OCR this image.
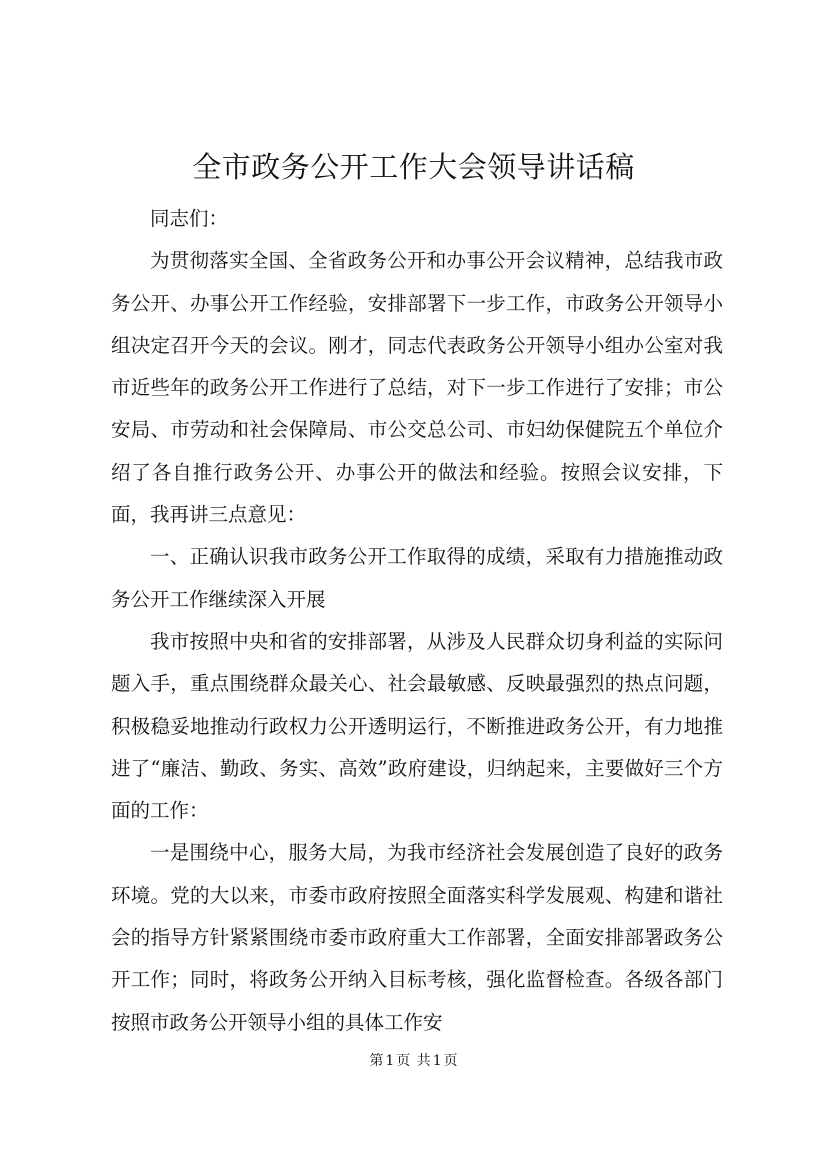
全市政务公开工作大会领导讲话稿

同志们：

为贯彻落实全国、全省政务公开和办事公开会议精神，总结我市政务公开、办事公开工作经验，安排部署下一步工作，市政务公开领导小组决定召开今天的会议。刚才，同志代表政务公开领导小组办公室对我市近些年的政务公开工作进行了总结，对下一步工作进行了安排；市公安局、市劳动和社会保障局、市公交总公司、市妇幼保健院五个单位介绍了各自推行政务公开、办事公开的做法和经验。按照会议安排，下面，我再讲三点意见：

一、正确认识我市政务公开工作取得的成绩，采取有力措施推动政务公开工作继续深入开展

我市按照中央和省的安排部署，从涉及人民群众切身利益的实际问题入手，重点围绕群众最关心、社会最敏感、反映最强烈的热点问题，积极稳妥地推动行政权力公开透明运行，不断推进政务公开，有力地推进了“廉洁、勤政、务实、高效”政府建设，归纳起来，主要做好三个方面的工作：

一是围绕中心，服务大局，为我市经济社会发展创造了良好的政务环境。党的大以来，市委市政府按照全面落实科学发展观、构建和谐社会的指导方针紧紧围绕市委市政府重大工作部署，全面安排部署政务公开工作；同时，将政务公开纳入目标考核，强化监督检查。各级各部门按照市政务公开领导小组的具体工作安

第 1 页 共 1 页
